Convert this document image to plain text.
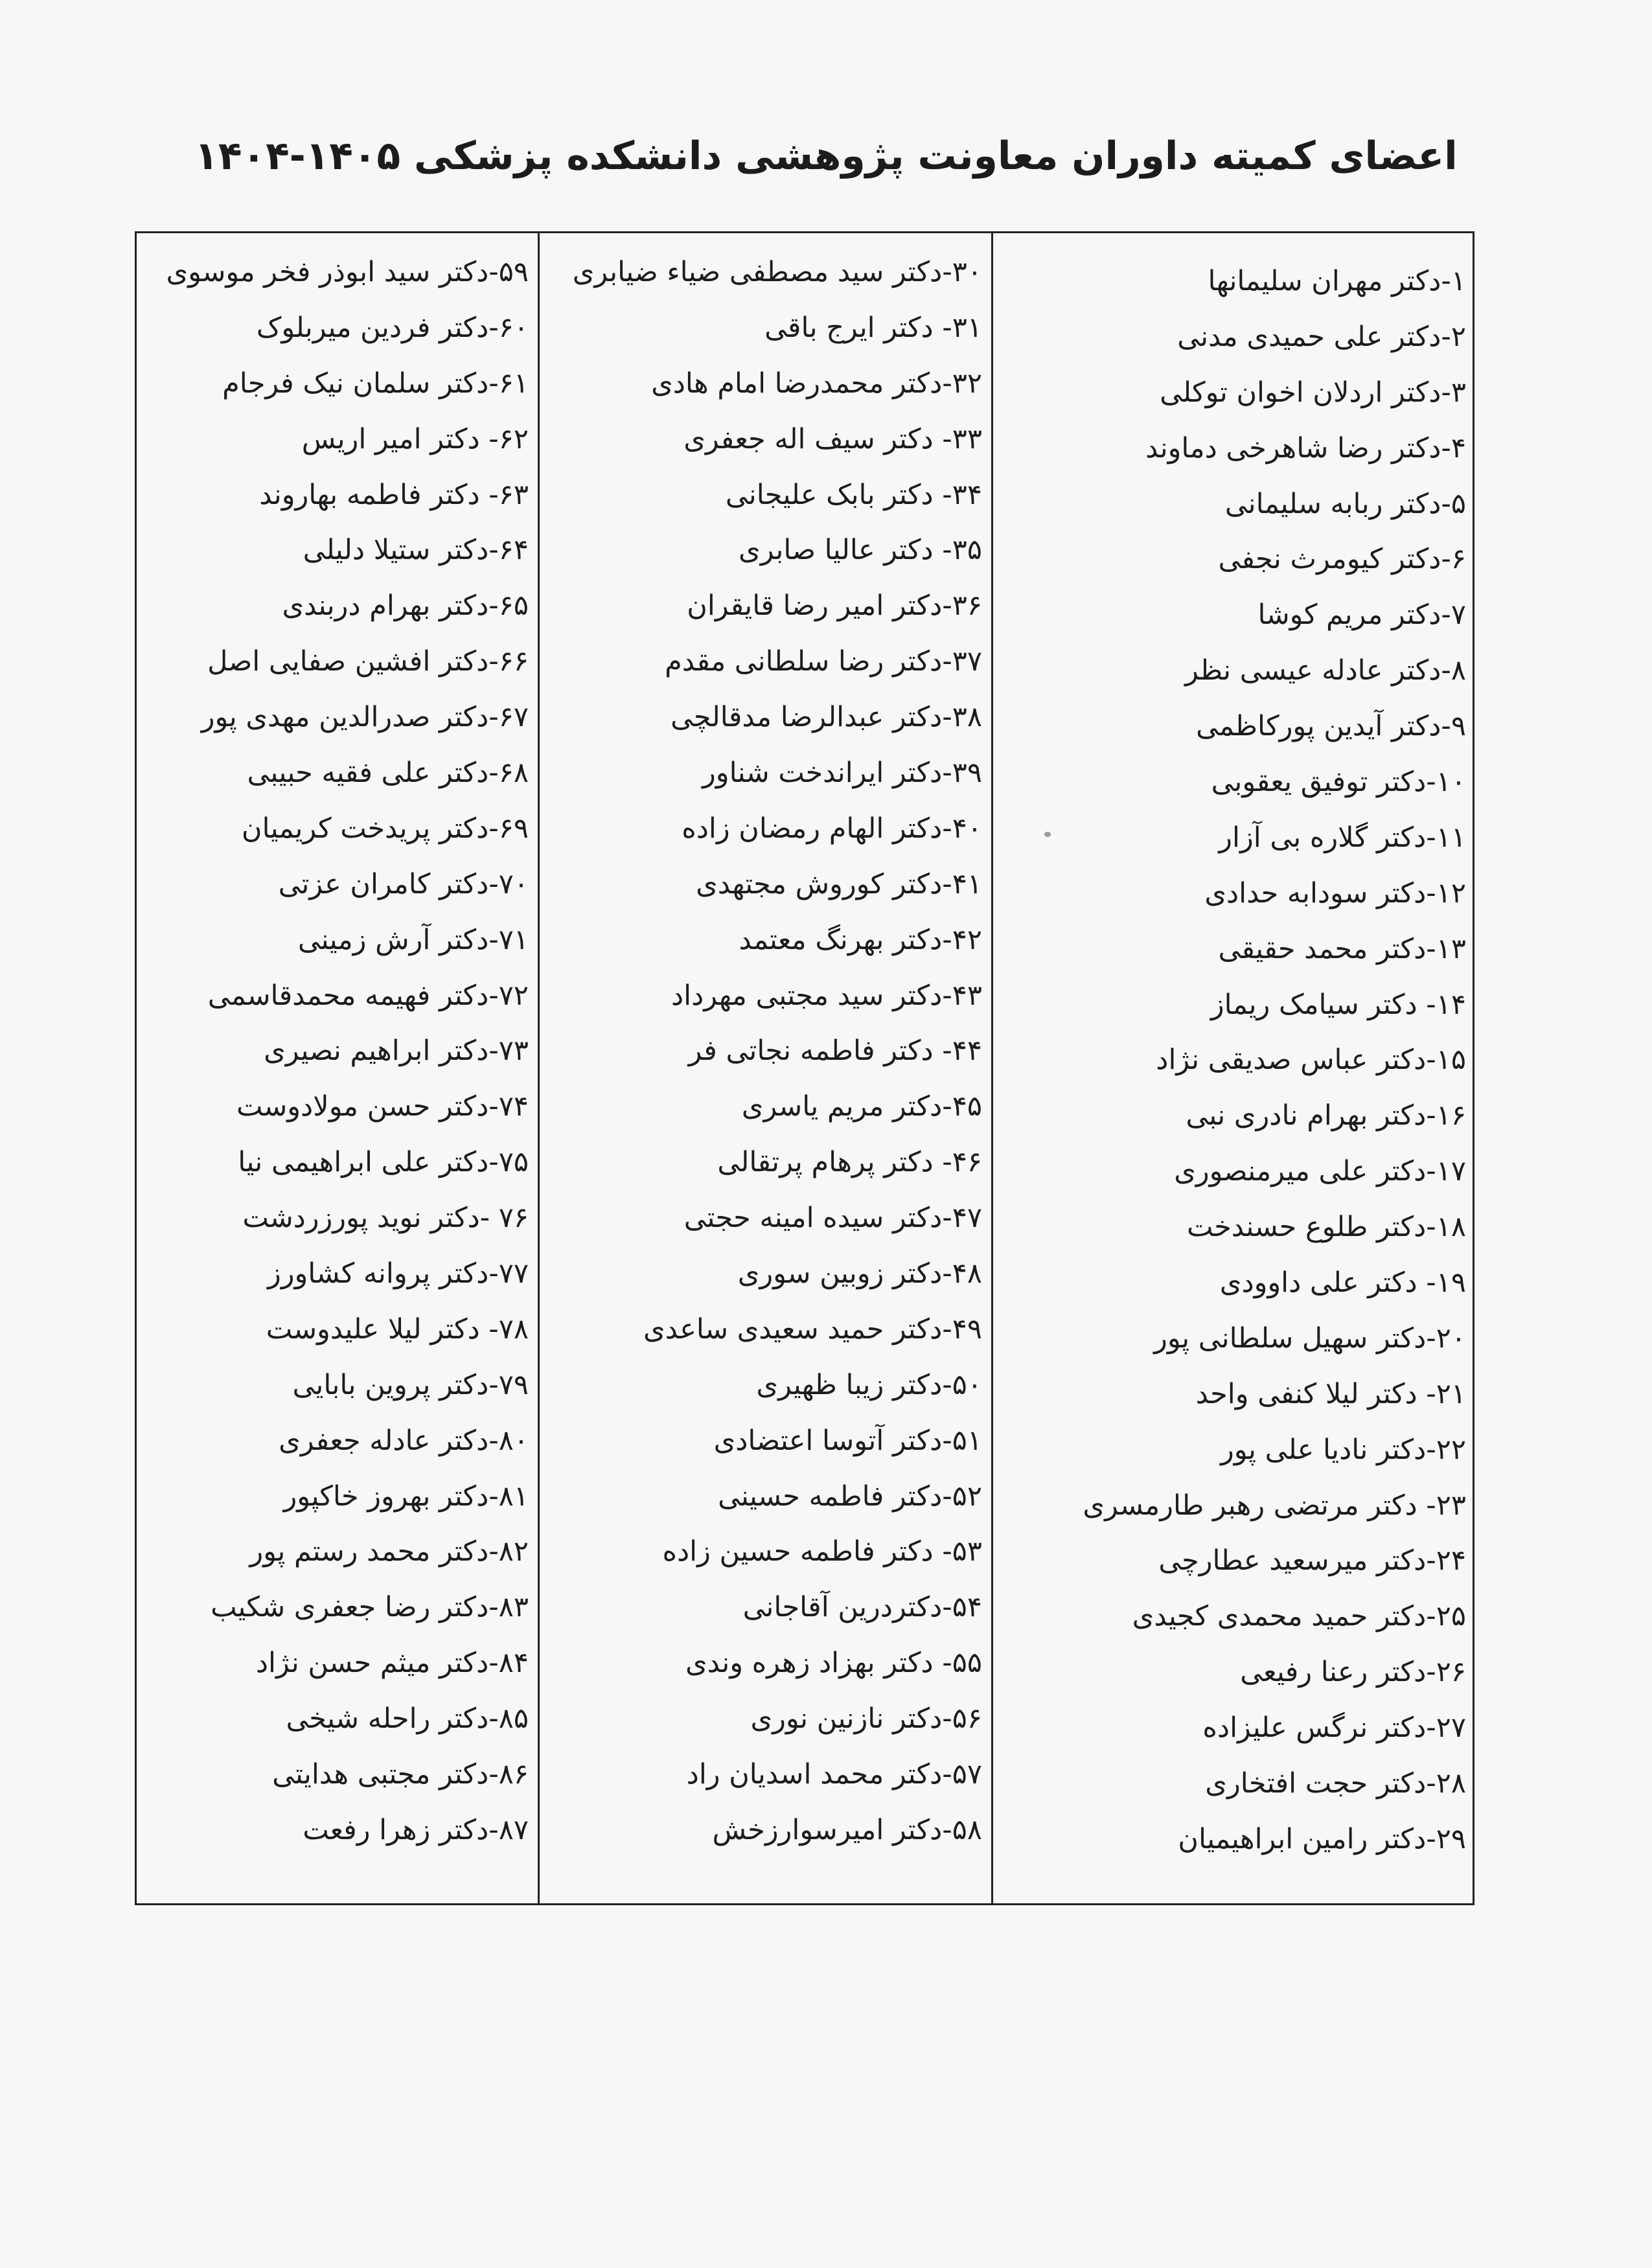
اعضای کمیته داوران معاونت پژوهشی دانشکده پزشکی ۱۴۰۵-۱۴۰۴
۱-دکتر مهران سلیمانها
۲-دکتر علی حمیدی مدنی
۳-دکتر اردلان اخوان توکلی
۴-دکتر رضا شاهرخی دماوند
۵-دکتر ربابه سلیمانی
۶-دکتر کیومرث نجفی
۷-دکتر مریم کوشا
۸-دکتر عادله عیسی نظر
۹-دکتر آیدین پورکاظمی
۱۰-دکتر توفیق یعقوبی
۱۱-دکتر گلاره بی آزار
۱۲-دکتر سودابه حدادی
۱۳-دکتر محمد حقیقی
۱۴- دکتر سیامک ریماز
۱۵-دکتر عباس صدیقی نژاد
۱۶-دکتر بهرام نادری نبی
۱۷-دکتر علی میرمنصوری
۱۸-دکتر طلوع حسندخت
۱۹- دکتر علی داوودی
۲۰-دکتر سهیل سلطانی پور
۲۱- دکتر لیلا کنفی واحد
۲۲-دکتر نادیا علی پور
۲۳- دکتر مرتضی رهبر طارمسری
۲۴-دکتر میرسعید عطارچی
۲۵-دکتر حمید محمدی کجیدی
۲۶-دکتر رعنا رفیعی
۲۷-دکتر نرگس علیزاده
۲۸-دکتر حجت افتخاری
۲۹-دکتر رامین ابراهیمیان
۳۰-دکتر سید مصطفی ضیاء ضیابری
۳۱- دکتر ایرج باقی
۳۲-دکتر محمدرضا امام هادی
۳۳- دکتر سیف اله جعفری
۳۴- دکتر بابک علیجانی
۳۵- دکتر عالیا صابری
۳۶-دکتر امیر رضا قایقران
۳۷-دکتر رضا سلطانی مقدم
۳۸-دکتر عبدالرضا مدقالچی
۳۹-دکتر ایراندخت شناور
۴۰-دکتر الهام رمضان زاده
۴۱-دکتر کوروش مجتهدی
۴۲-دکتر بهرنگ معتمد
۴۳-دکتر سید مجتبی مهرداد
۴۴- دکتر فاطمه نجاتی فر
۴۵-دکتر مریم یاسری
۴۶- دکتر پرهام پرتقالی
۴۷-دکتر سیده امینه حجتی
۴۸-دکتر زوبین سوری
۴۹-دکتر حمید سعیدی ساعدی
۵۰-دکتر زیبا ظهیری
۵۱-دکتر آتوسا اعتضادی
۵۲-دکتر فاطمه حسینی
۵۳- دکتر فاطمه حسین زاده
۵۴-دکتردرین آقاجانی
۵۵- دکتر بهزاد زهره وندی
۵۶-دکتر نازنین نوری
۵۷-دکتر محمد اسدیان راد
۵۸-دکتر امیرسوارزخش
۵۹-دکتر سید ابوذر فخر موسوی
۶۰-دکتر فردین میربلوک
۶۱-دکتر سلمان نیک فرجام
۶۲- دکتر امیر اریس
۶۳- دکتر فاطمه بهاروند
۶۴-دکتر ستیلا دلیلی
۶۵-دکتر بهرام دربندی
۶۶-دکتر افشین صفایی اصل
۶۷-دکتر صدرالدین مهدی پور
۶۸-دکتر علی فقیه حبیبی
۶۹-دکتر پریدخت کریمیان
۷۰-دکتر کامران عزتی
۷۱-دکتر آرش زمینی
۷۲-دکتر فهیمه محمدقاسمی
۷۳-دکتر ابراهیم نصیری
۷۴-دکتر حسن مولادوست
۷۵-دکتر علی ابراهیمی نیا
۷۶ -دکتر نوید پورزردشت
۷۷-دکتر پروانه کشاورز
۷۸- دکتر لیلا علیدوست
۷۹-دکتر پروین بابایی
۸۰-دکتر عادله جعفری
۸۱-دکتر بهروز خاکپور
۸۲-دکتر محمد رستم پور
۸۳-دکتر رضا جعفری شکیب
۸۴-دکتر میثم حسن نژاد
۸۵-دکتر راحله شیخی
۸۶-دکتر مجتبی هدایتی
۸۷-دکتر زهرا رفعت
